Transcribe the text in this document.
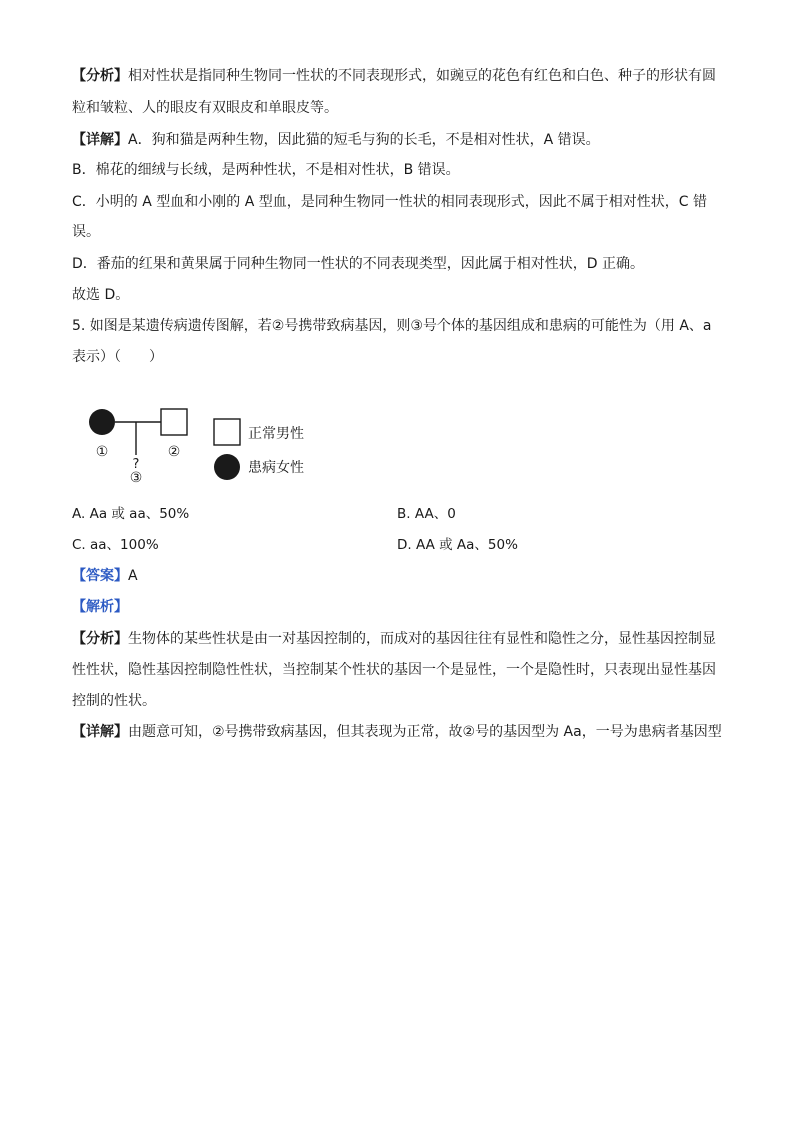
【分析】相对性状是指同种生物同一性状的不同表现形式，如豌豆的花色有红色和白色、种子的形状有圆
粒和皱粒、人的眼皮有双眼皮和单眼皮等。
【详解】A．狗和猫是两种生物，因此猫的短毛与狗的长毛，不是相对性状，A 错误。
B．棉花的细绒与长绒，是两种性状，不是相对性状，B 错误。
C．小明的 A 型血和小刚的 A 型血，是同种生物同一性状的相同表现形式，因此不属于相对性状，C 错
误。
D．番茄的红果和黄果属于同种生物同一性状的不同表现类型，因此属于相对性状，D 正确。
故选 D。
5. 如图是某遗传病遗传图解，若②号携带致病基因，则③号个体的基因组成和患病的可能性为（用 A、a
表示）（　　）
①	②
?
③
正常男性
患病女性
A. Aa 或 aa、50%	B. AA、0
C. aa、100%	D. AA 或 Aa、50%
【答案】A
【解析】
【分析】生物体的某些性状是由一对基因控制的，而成对的基因往往有显性和隐性之分，显性基因控制显
性性状，隐性基因控制隐性性状，当控制某个性状的基因一个是显性，一个是隐性时，只表现出显性基因
控制的性状。
【详解】由题意可知，②号携带致病基因，但其表现为正常，故②号的基因型为 Aa，一号为患病者基因型
